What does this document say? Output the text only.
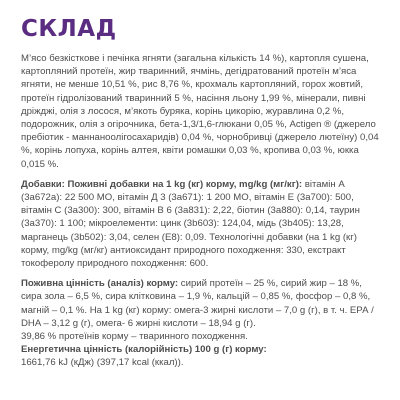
СКЛАД

М’ясо безкісткове і печінка ягняти (загальна кількість 14 %), картопля сушена, картопляний протеїн, жир тваринний, ячмінь, дегідратований протеїн м’яса ягняти, не менше 10,51 %, рис 8,76 %, крохмаль картопляний, горох жовтий, протеїн гідролізований тваринний 5 %, насіння льону 1,99 %, мінерали, пивні дріжджі, олія з лосося, м’якоть буряка, корінь цикорію, журавлина 0,2 %, подорожник, олія з огірочника, бета-1,3/1,6-глюкани 0,05 %, Actigen ® (джерело пребіотик - маннаноолігосахаридів) 0,04 %, чорнобривці (джерело лютеїну) 0,04 %, корінь лопуха, корінь алтея, квіти ромашки 0,03 %, кропива 0,03 %, юкка 0,015 %.

Добавки: Поживні добавки на 1 kg (кг) корму, mg/kg (мг/кг): вітамін А (3а672а): 22 500 МО, вітамін Д 3 (3а671): 1 200 МО, вітамін Е (3а700): 500, вітамін С (3а300): 300, вітамін В 6 (3а831): 2,22, біотин (3а880): 0,14, таурин (3а370): 1 100; мікроелементи: цинк (3b603): 124,04, мідь (3b405): 13,28, марганець (3b502): 3,04, селен (Е8): 0,09. Технологічні добавки (на 1 kg (кг) корму, mg/kg (мг/кг) антиоксидант природного походження: 330, екстракт токоферолу природного походження: 600.

Поживна цінність (аналіз) корму: сирий протеїн – 25 %, сирий жир – 18 %, сира зола – 6,5 %, сира клітковина – 1,9 %, кальцій – 0,85 %, фосфор – 0,8 %, магній – 0,1 %. На 1 kg (кг) корму: омега-3 жирні кислоти – 7,0 g (г), в т. ч. ЕРА / DHA – 3,12 g (г), омега- 6 жирні кислоти – 18,94 g (г).

39,86 % протеїнів корму – тваринного походження.

Енергетична цінність (калорійність) 100 g (г) корму:

1661,76 kJ (кДж) (397,17 kcal (ккал)).
